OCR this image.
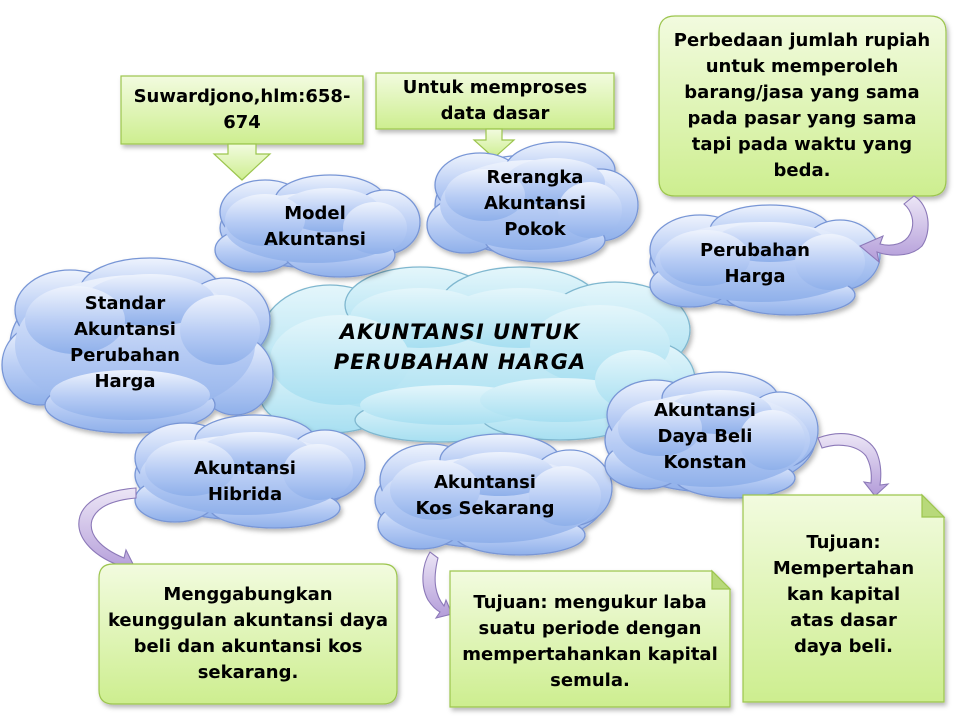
AKUNTANSI UNTUK
PERUBAHAN HARGA
Model
Akuntansi
Rerangka
Akuntansi
Pokok
Perubahan
Harga
Standar
Akuntansi
Perubahan
Harga
Akuntansi
Hibrida
Akuntansi
Kos Sekarang
Akuntansi
Daya Beli
Konstan
Suwardjono,hlm:658-
674
Untuk memproses
data dasar
Perbedaan jumlah rupiah
untuk memperoleh
barang/jasa yang sama
pada pasar yang sama
tapi pada waktu yang
beda.
Menggabungkan
keunggulan akuntansi daya
beli dan akuntansi kos
sekarang.
Tujuan: mengukur laba
suatu periode dengan
mempertahankan kapital
semula.
Tujuan:
Mempertahan
kan kapital
atas dasar
daya beli.
